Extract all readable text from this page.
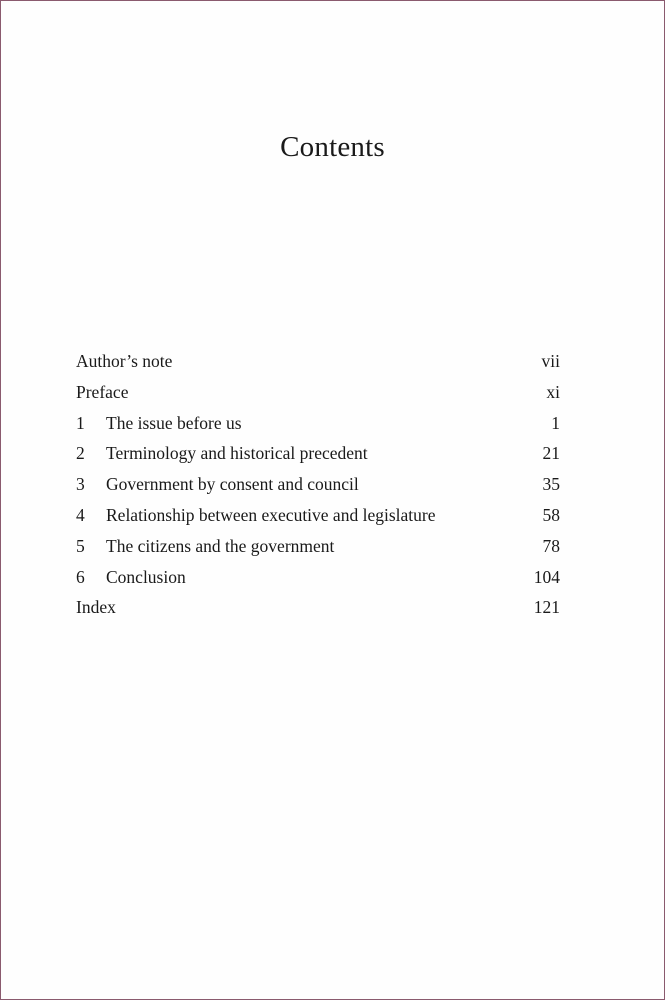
Contents
Author’s note	vii
Preface	xi
1 The issue before us	1
2 Terminology and historical precedent	21
3 Government by consent and council	35
4 Relationship between executive and legislature	58
5 The citizens and the government	78
6 Conclusion	104
Index	121
